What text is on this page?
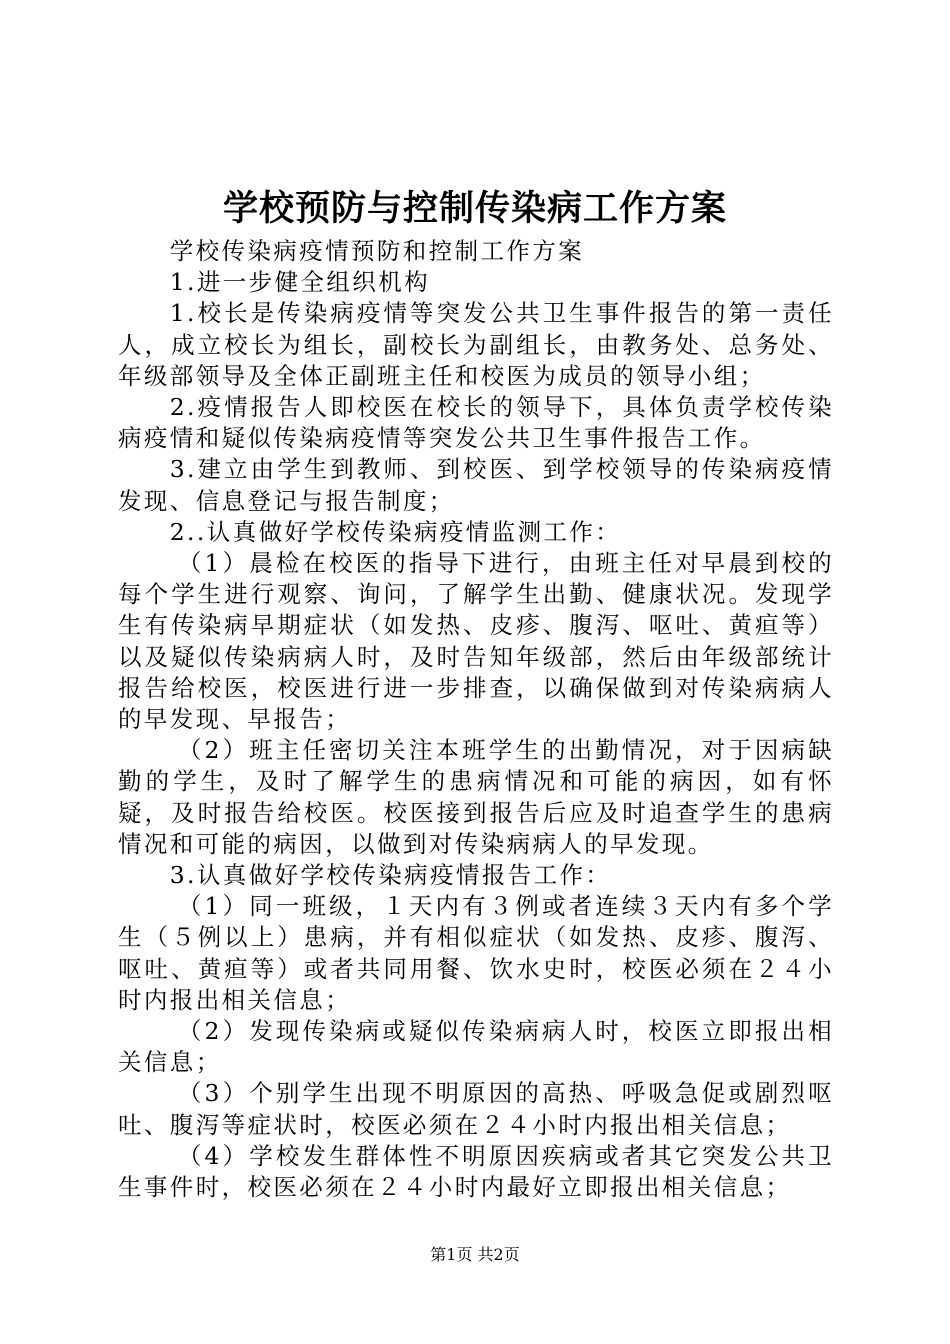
学校预防与控制传染病工作方案

学校传染病疫情预防和控制工作方案

1.进一步健全组织机构

1.校长是传染病疫情等突发公共卫生事件报告的第一责任人，成立校长为组长，副校长为副组长，由教务处、总务处、年级部领导及全体正副班主任和校医为成员的领导小组；

2.疫情报告人即校医在校长的领导下，具体负责学校传染病疫情和疑似传染病疫情等突发公共卫生事件报告工作。

3.建立由学生到教师、到校医、到学校领导的传染病疫情发现、信息登记与报告制度；

2..认真做好学校传染病疫情监测工作：

（1）晨检在校医的指导下进行，由班主任对早晨到校的每个学生进行观察、询问，了解学生出勤、健康状况。发现学生有传染病早期症状（如发热、皮疹、腹泻、呕吐、黄疸等）以及疑似传染病病人时，及时告知年级部，然后由年级部统计报告给校医，校医进行进一步排查，以确保做到对传染病病人的早发现、早报告；

（2）班主任密切关注本班学生的出勤情况，对于因病缺勤的学生，及时了解学生的患病情况和可能的病因，如有怀疑，及时报告给校医。校医接到报告后应及时追查学生的患病情况和可能的病因，以做到对传染病病人的早发现。

3.认真做好学校传染病疫情报告工作：

（1）同一班级，１天内有３例或者连续３天内有多个学生（５例以上）患病，并有相似症状（如发热、皮疹、腹泻、呕吐、黄疸等）或者共同用餐、饮水史时，校医必须在２４小时内报出相关信息；

（2）发现传染病或疑似传染病病人时，校医立即报出相关信息；

（3）个别学生出现不明原因的高热、呼吸急促或剧烈呕吐、腹泻等症状时，校医必须在２４小时内报出相关信息；

（4）学校发生群体性不明原因疾病或者其它突发公共卫生事件时，校医必须在２４小时内最好立即报出相关信息；

第1页 共2页
